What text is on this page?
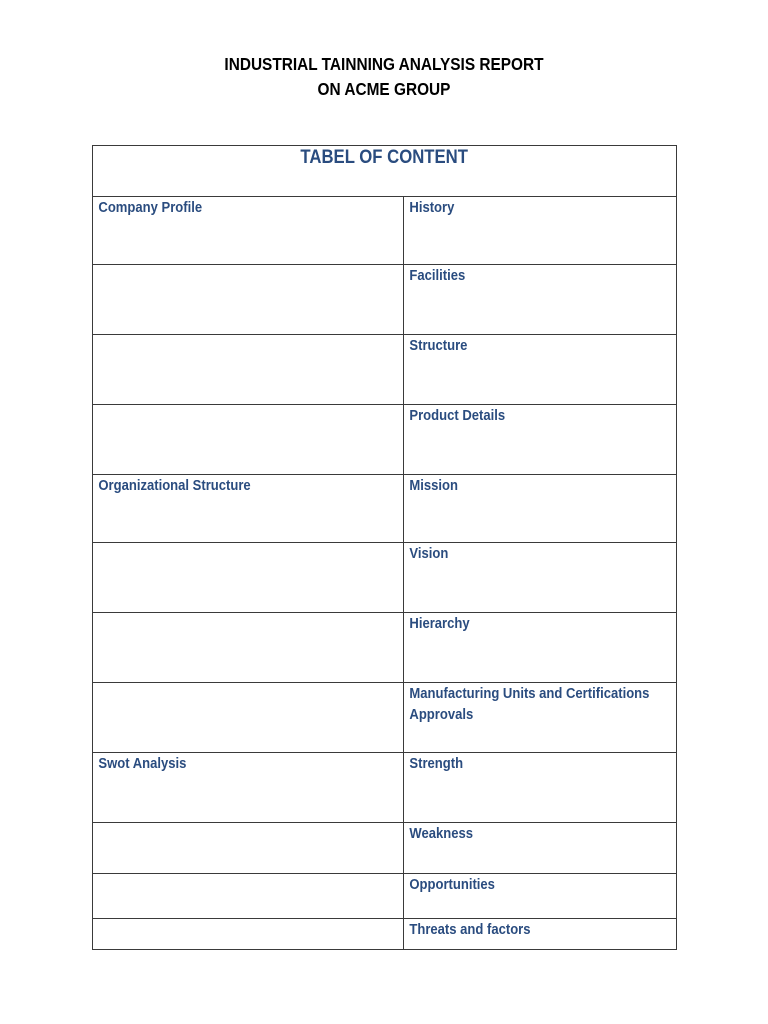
INDUSTRIAL TAINNING ANALYSIS REPORT
ON ACME GROUP
TABEL OF CONTENT	

Company Profile	History

	Facilities

	Structure

	Product Details

Organizational Structure	Mission

	Vision

	Hierarchy

	Manufacturing Units and Certifications Approvals

Swot Analysis	Strength

	Weakness

	Opportunities

	Threats and factors
